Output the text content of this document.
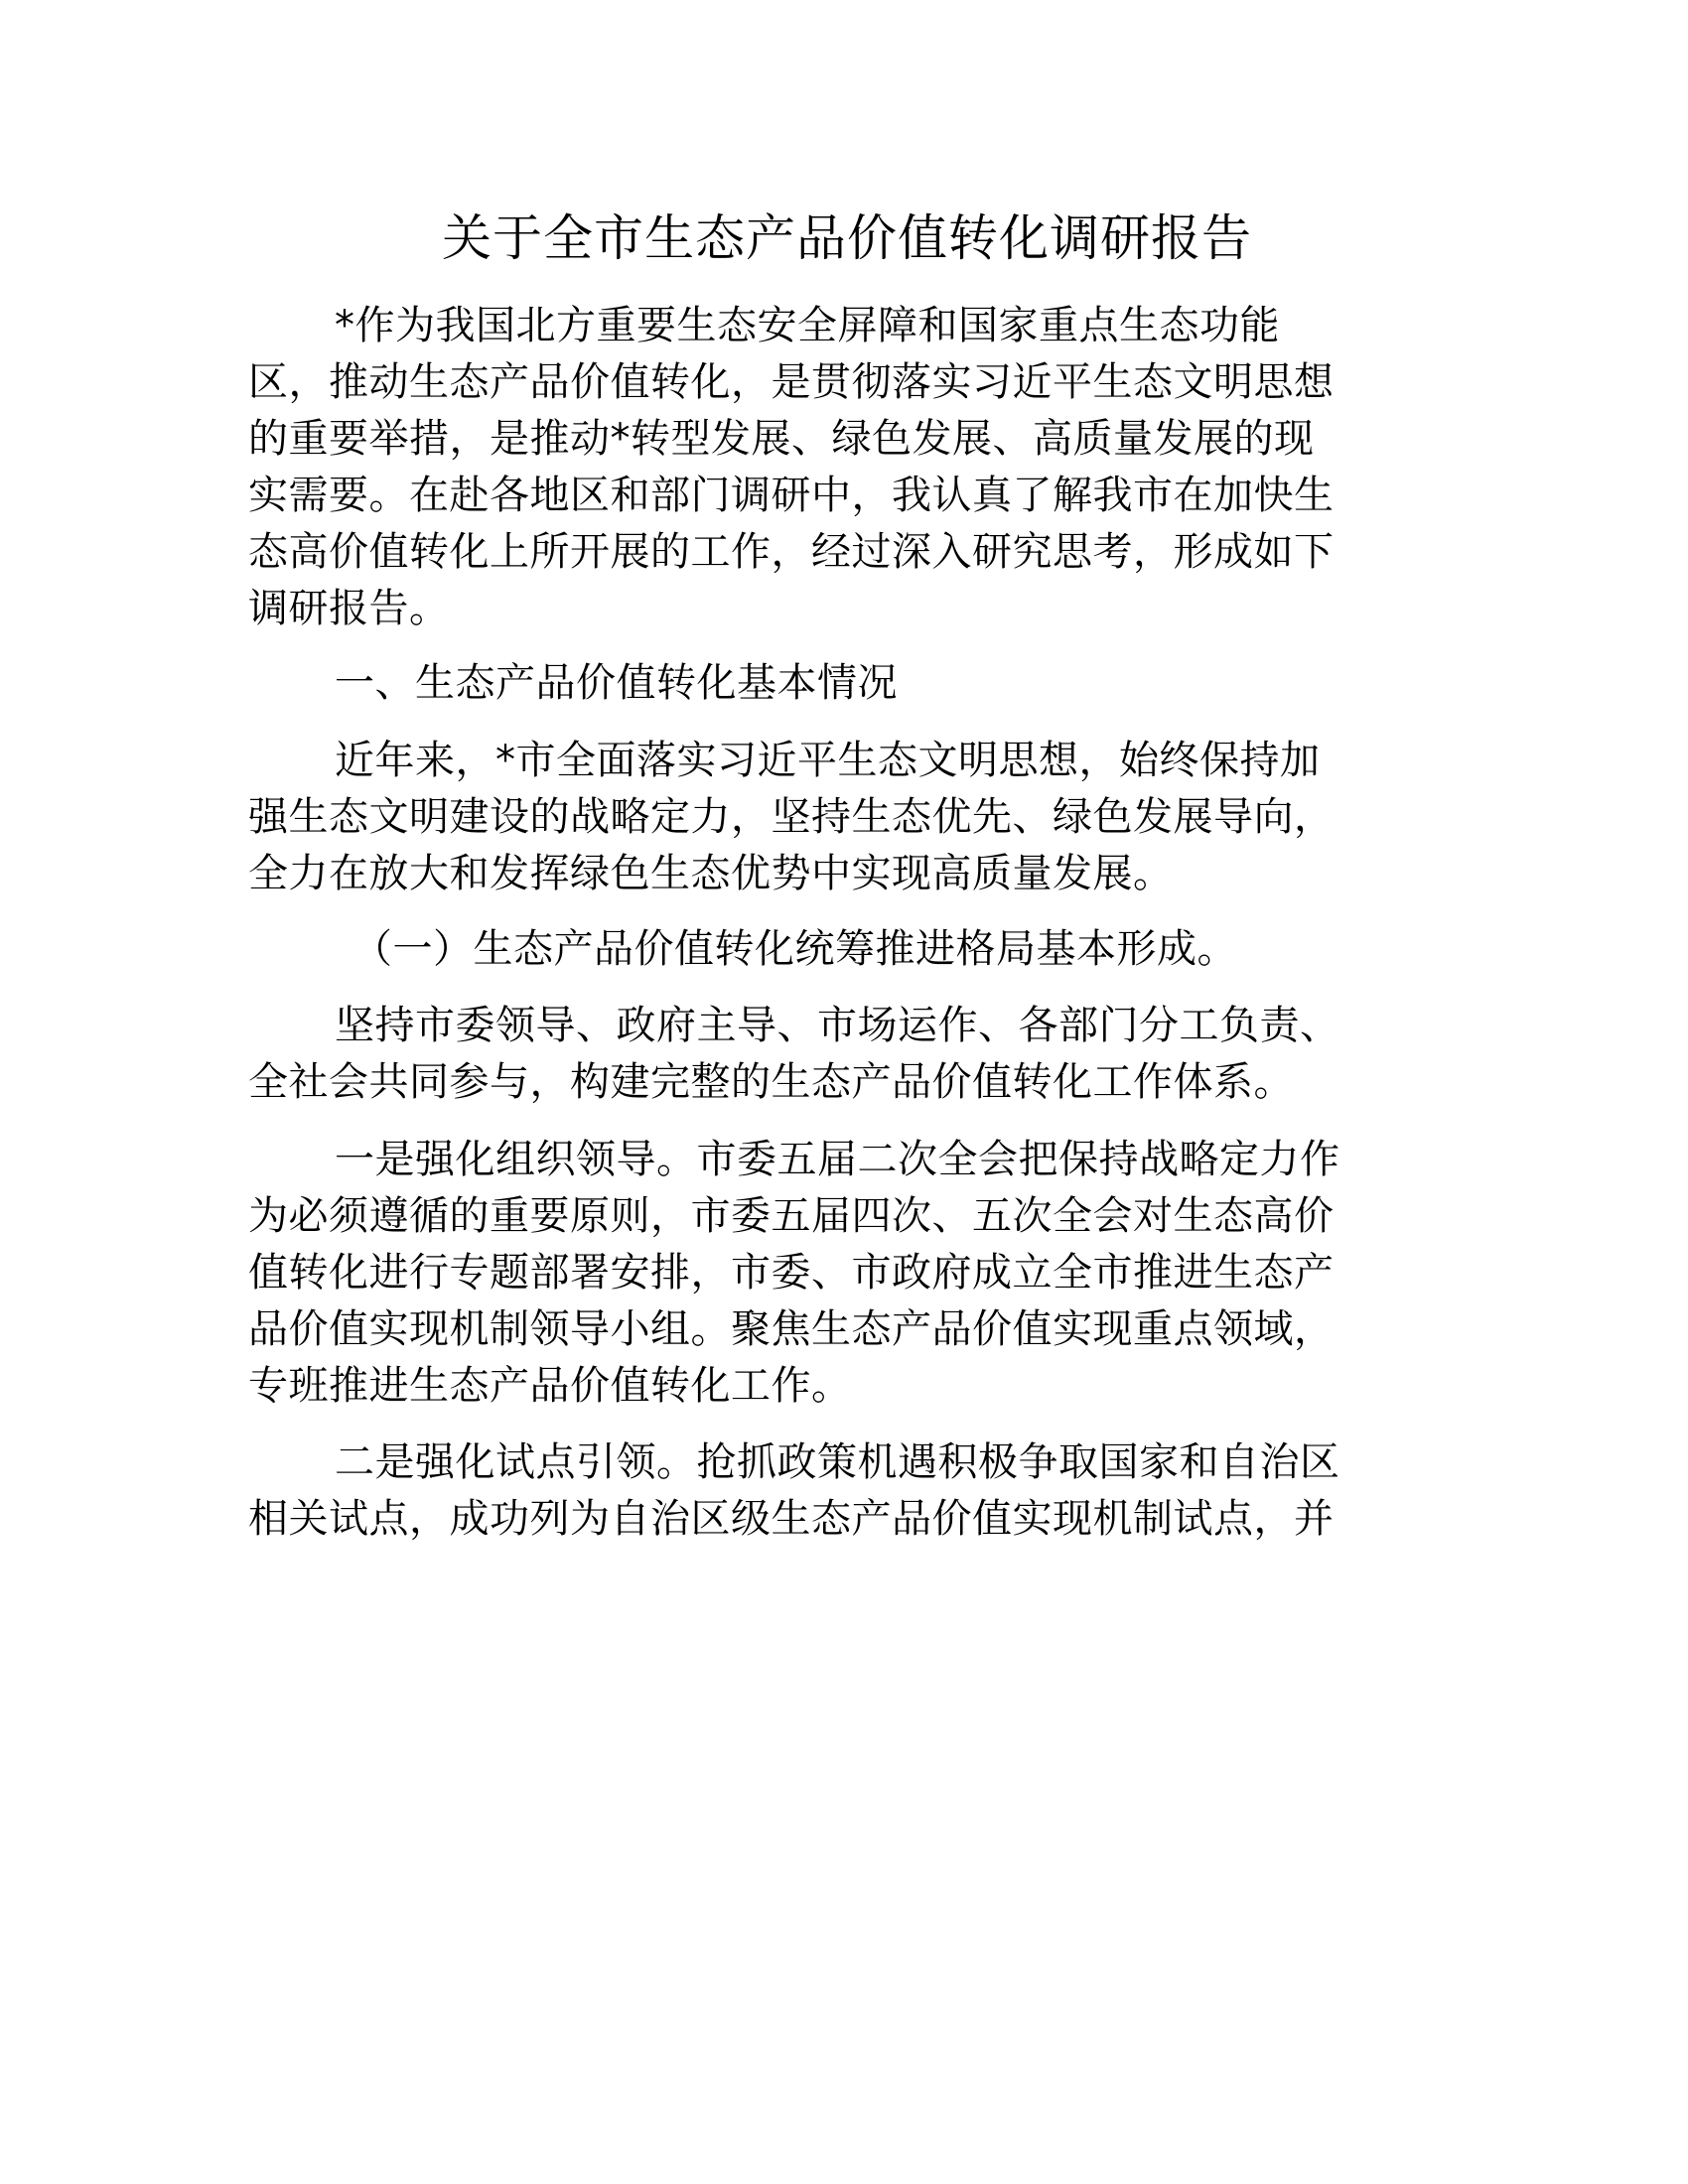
关于全市生态产品价值转化调研报告
*作为我国北方重要生态安全屏障和国家重点生态功能
区，推动生态产品价值转化，是贯彻落实习近平生态文明思想
的重要举措，是推动*转型发展、绿色发展、高质量发展的现
实需要。在赴各地区和部门调研中，我认真了解我市在加快生
态高价值转化上所开展的工作，经过深入研究思考，形成如下
调研报告。
一、生态产品价值转化基本情况
近年来，*市全面落实习近平生态文明思想，始终保持加
强生态文明建设的战略定力，坚持生态优先、绿色发展导向，
全力在放大和发挥绿色生态优势中实现高质量发展。
（一）生态产品价值转化统筹推进格局基本形成。
坚持市委领导、政府主导、市场运作、各部门分工负责、
全社会共同参与，构建完整的生态产品价值转化工作体系。
一是强化组织领导。市委五届二次全会把保持战略定力作
为必须遵循的重要原则，市委五届四次、五次全会对生态高价
值转化进行专题部署安排，市委、市政府成立全市推进生态产
品价值实现机制领导小组。聚焦生态产品价值实现重点领域，
专班推进生态产品价值转化工作。
二是强化试点引领。抢抓政策机遇积极争取国家和自治区
相关试点，成功列为自治区级生态产品价值实现机制试点，并
